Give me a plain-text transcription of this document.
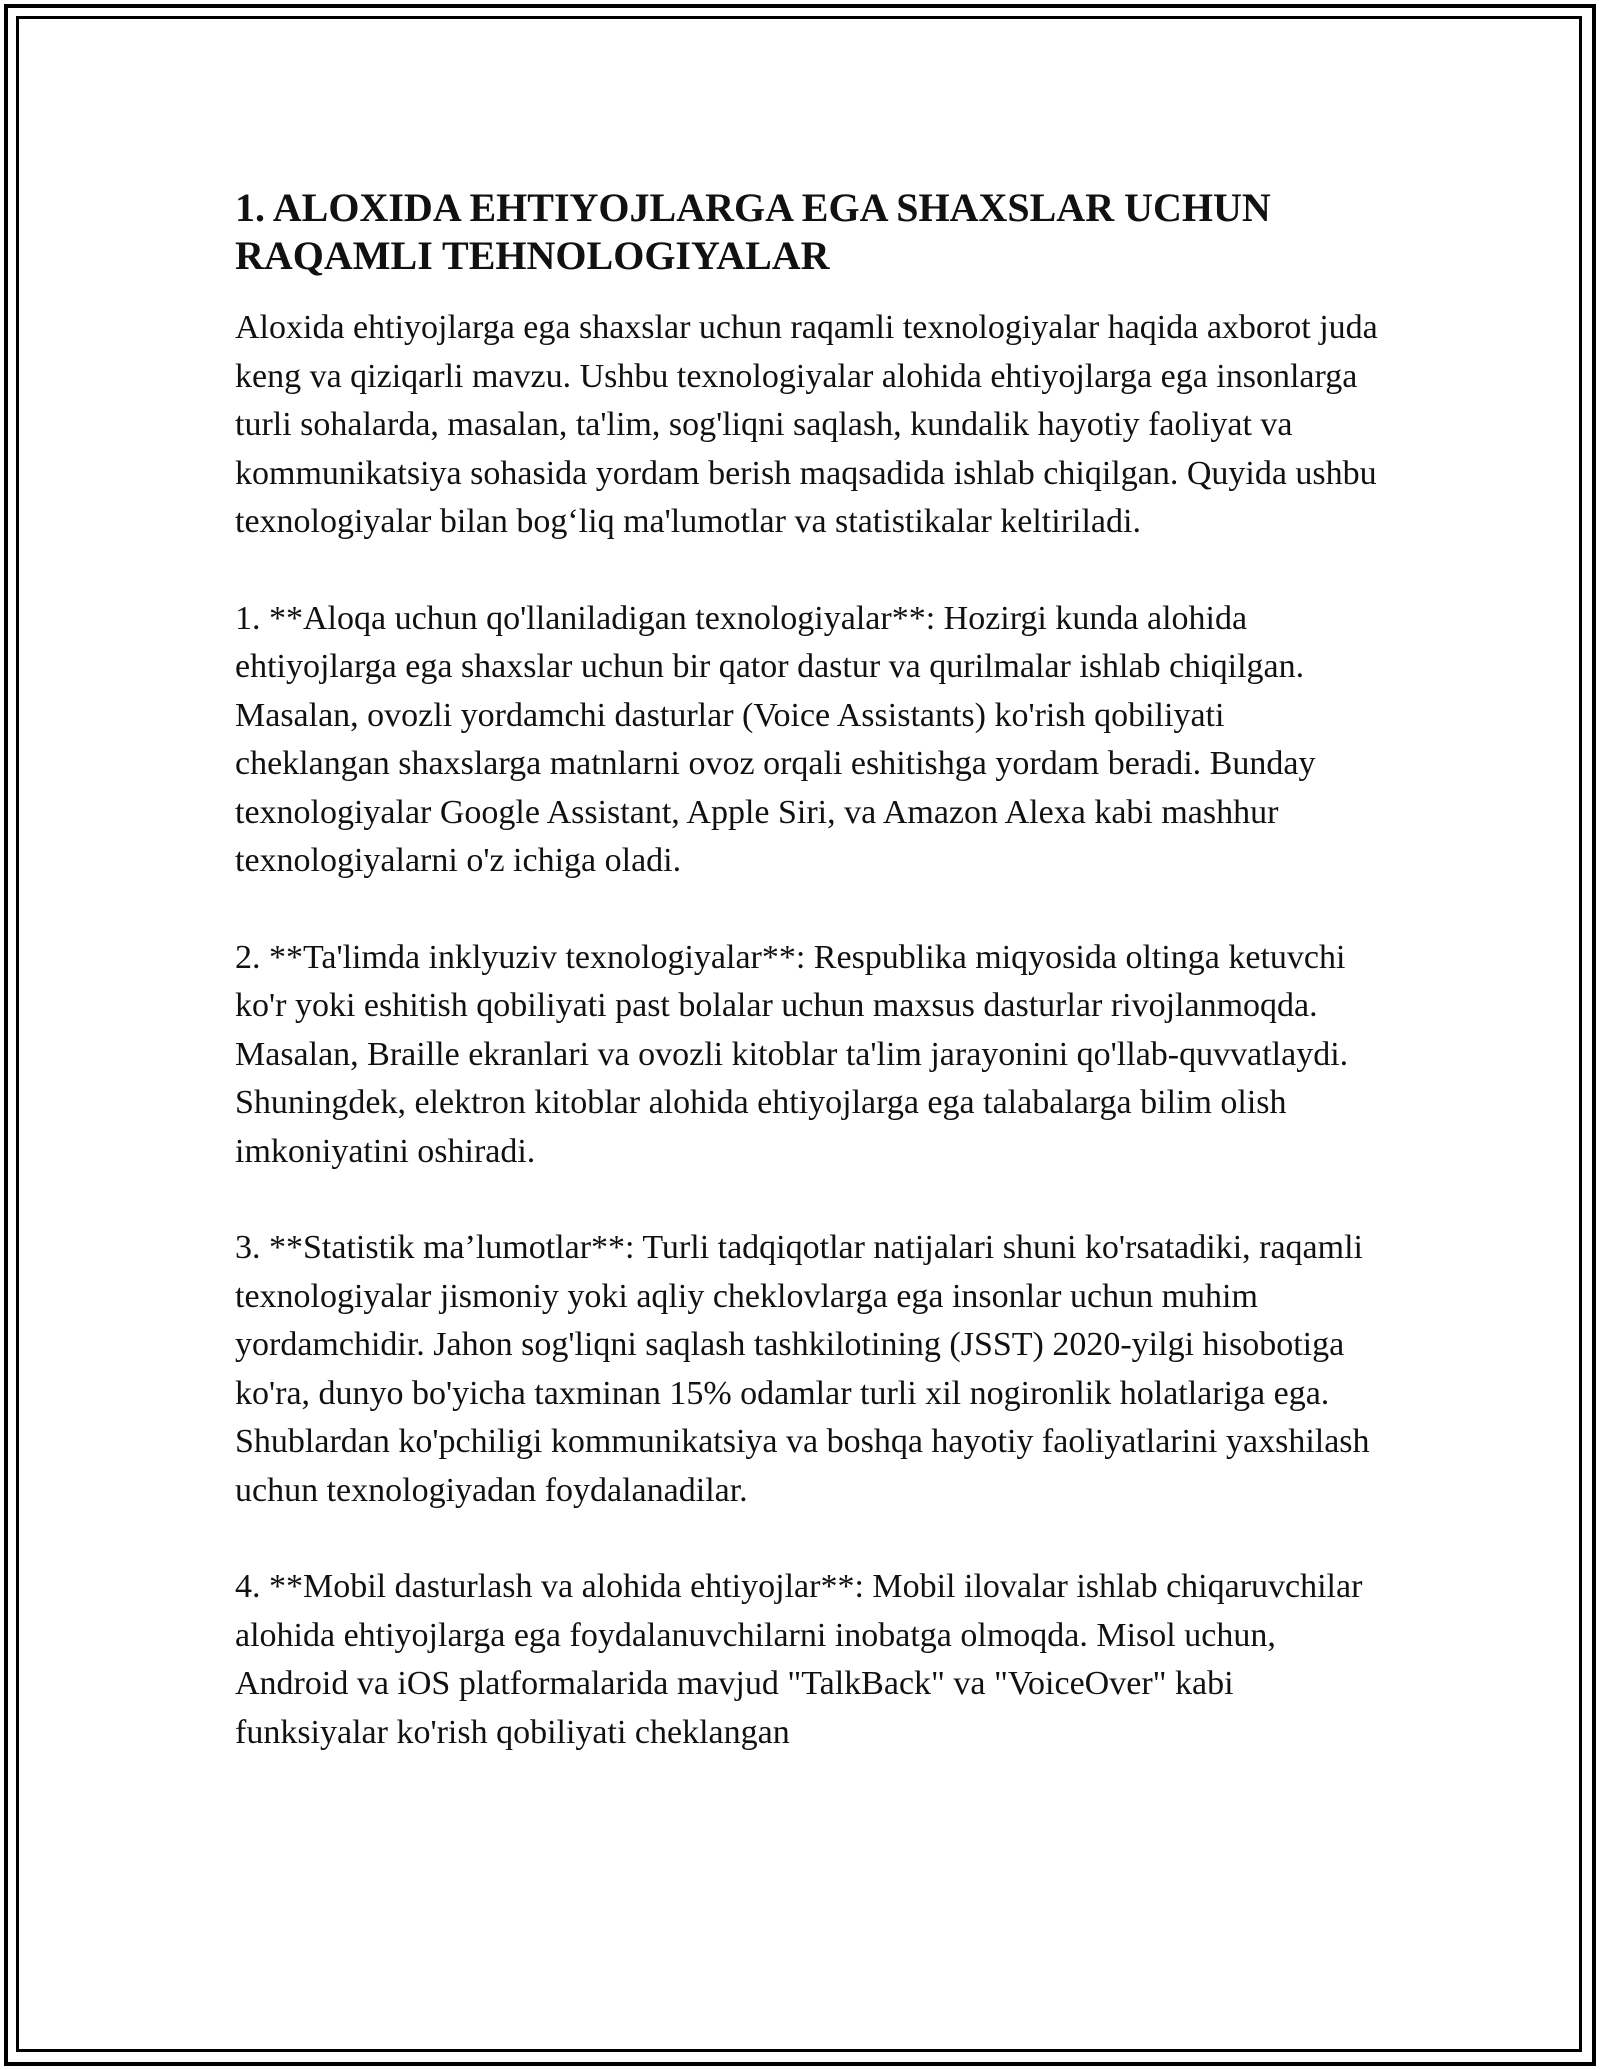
1. ALOXIDA EHTIYOJLARGA EGA SHAXSLAR UCHUN RAQAMLI TEHNOLOGIYALAR

Aloxida ehtiyojlarga ega shaxslar uchun raqamli texnologiyalar haqida axborot juda keng va qiziqarli mavzu. Ushbu texnologiyalar alohida ehtiyojlarga ega insonlarga turli sohalarda, masalan, ta'lim, sog'liqni saqlash, kundalik hayotiy faoliyat va kommunikatsiya sohasida yordam berish maqsadida ishlab chiqilgan. Quyida ushbu texnologiyalar bilan bog‘liq ma'lumotlar va statistikalar keltiriladi.

1. **Aloqa uchun qo'llaniladigan texnologiyalar**: Hozirgi kunda alohida ehtiyojlarga ega shaxslar uchun bir qator dastur va qurilmalar ishlab chiqilgan. Masalan, ovozli yordamchi dasturlar (Voice Assistants) ko'rish qobiliyati cheklangan shaxslarga matnlarni ovoz orqali eshitishga yordam beradi. Bunday texnologiyalar Google Assistant, Apple Siri, va Amazon Alexa kabi mashhur texnologiyalarni o'z ichiga oladi.

2. **Ta'limda inklyuziv texnologiyalar**: Respublika miqyosida oltinga ketuvchi ko'r yoki eshitish qobiliyati past bolalar uchun maxsus dasturlar rivojlanmoqda. Masalan, Braille ekranlari va ovozli kitoblar ta'lim jarayonini qo'llab-quvvatlaydi. Shuningdek, elektron kitoblar alohida ehtiyojlarga ega talabalarga bilim olish imkoniyatini oshiradi.

3. **Statistik ma’lumotlar**: Turli tadqiqotlar natijalari shuni ko'rsatadiki, raqamli texnologiyalar jismoniy yoki aqliy cheklovlarga ega insonlar uchun muhim yordamchidir. Jahon sog'liqni saqlash tashkilotining (JSST) 2020-yilgi hisobotiga ko'ra, dunyo bo'yicha taxminan 15% odamlar turli xil nogironlik holatlariga ega. Shublardan ko'pchiligi kommunikatsiya va boshqa hayotiy faoliyatlarini yaxshilash uchun texnologiyadan foydalanadilar.

4. **Mobil dasturlash va alohida ehtiyojlar**: Mobil ilovalar ishlab chiqaruvchilar alohida ehtiyojlarga ega foydalanuvchilarni inobatga olmoqda. Misol uchun, Android va iOS platformalarida mavjud "TalkBack" va "VoiceOver" kabi funksiyalar ko'rish qobiliyati cheklangan
